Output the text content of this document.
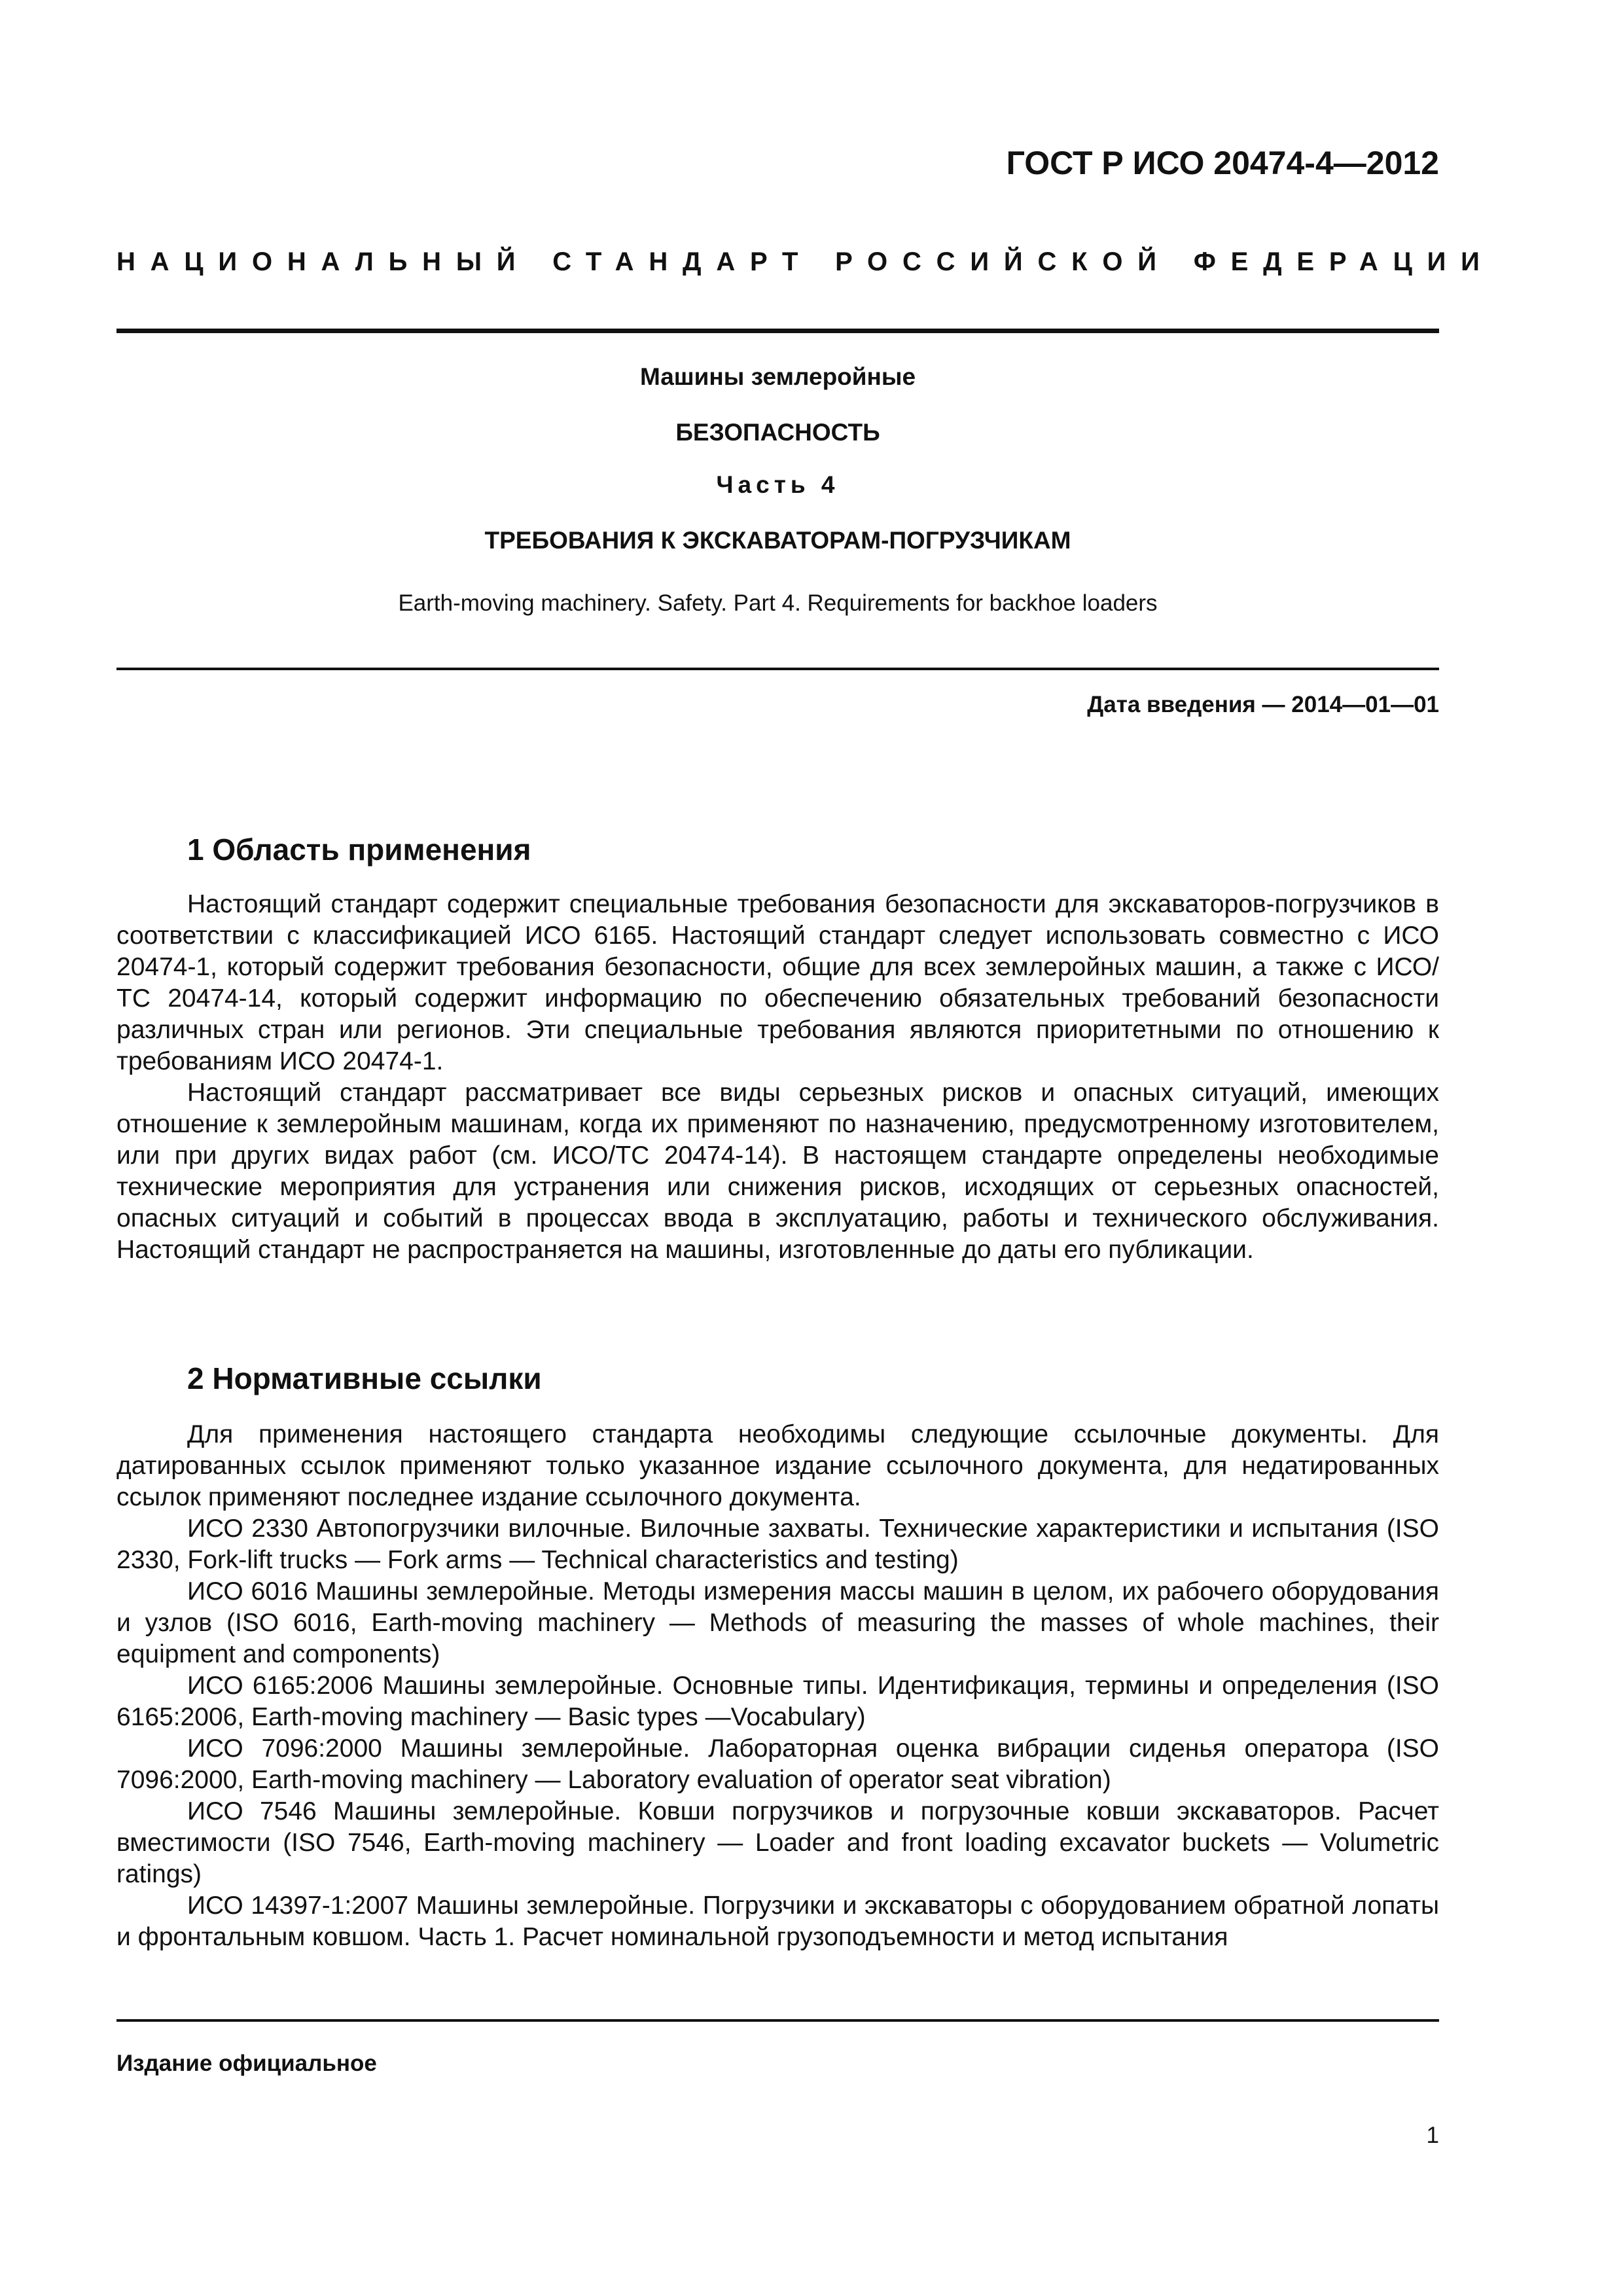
ГОСТ Р ИСО 20474-4—2012
НАЦИОНАЛЬНЫЙ СТАНДАРТ РОССИЙСКОЙ ФЕДЕРАЦИИ
Машины землеройные
БЕЗОПАСНОСТЬ
Часть 4
ТРЕБОВАНИЯ К ЭКСКАВАТОРАМ-ПОГРУЗЧИКАМ
Earth-moving machinery. Safety. Part 4. Requirements for backhoe loaders
Дата введения — 2014—01—01
1 Область применения

Настоящий стандарт содержит специальные требования безопасности для экскаваторов-погрузчиков в соответствии с классификацией ИСО 6165. Настоящий стандарт следует использовать совместно с ИСО 20474-1, который содержит требования безопасности, общие для всех землеройных машин, а также с ИСО/ТС 20474-14, который содержит информацию по обеспечению обязательных требований безопасности различных стран или регионов. Эти специальные требования являются приоритетными по отношению к требованиям ИСО 20474-1.

Настоящий стандарт рассматривает все виды серьезных рисков и опасных ситуаций, имеющих отношение к землеройным машинам, когда их применяют по назначению, предусмотренному изготовителем, или при других видах работ (см. ИСО/ТС 20474-14). В настоящем стандарте определены необходимые технические мероприятия для устранения или снижения рисков, исходящих от серьезных опасностей, опасных ситуаций и событий в процессах ввода в эксплуатацию, работы и технического обслуживания. Настоящий стандарт не распространяется на машины, изготовленные до даты его публикации.

2 Нормативные ссылки

Для применения настоящего стандарта необходимы следующие ссылочные документы. Для датированных ссылок применяют только указанное издание ссылочного документа, для недатированных ссылок применяют последнее издание ссылочного документа.

ИСО 2330 Автопогрузчики вилочные. Вилочные захваты. Технические характеристики и испытания (ISO 2330, Fork-lift trucks — Fork arms — Technical characteristics and testing)

ИСО 6016 Машины землеройные. Методы измерения массы машин в целом, их рабочего оборудования и узлов (ISO 6016, Earth-moving machinery — Methods of measuring the masses of whole machines, their equipment and components)

ИСО 6165:2006 Машины землеройные. Основные типы. Идентификация, термины и определения (ISO 6165:2006, Earth-moving machinery — Basic types —Vocabulary)

ИСО 7096:2000 Машины землеройные. Лабораторная оценка вибрации сиденья оператора (ISO 7096:2000, Earth-moving machinery — Laboratory evaluation of operator seat vibration)

ИСО 7546 Машины землеройные. Ковши погрузчиков и погрузочные ковши экскаваторов. Расчет вместимости (ISO 7546, Earth-moving machinery — Loader and front loading excavator buckets — Volumetric ratings)

ИСО 14397-1:2007 Машины землеройные. Погрузчики и экскаваторы с оборудованием обратной лопаты и фронтальным ковшом. Часть 1. Расчет номинальной грузоподъемности и метод испытания

Издание официальное
1
